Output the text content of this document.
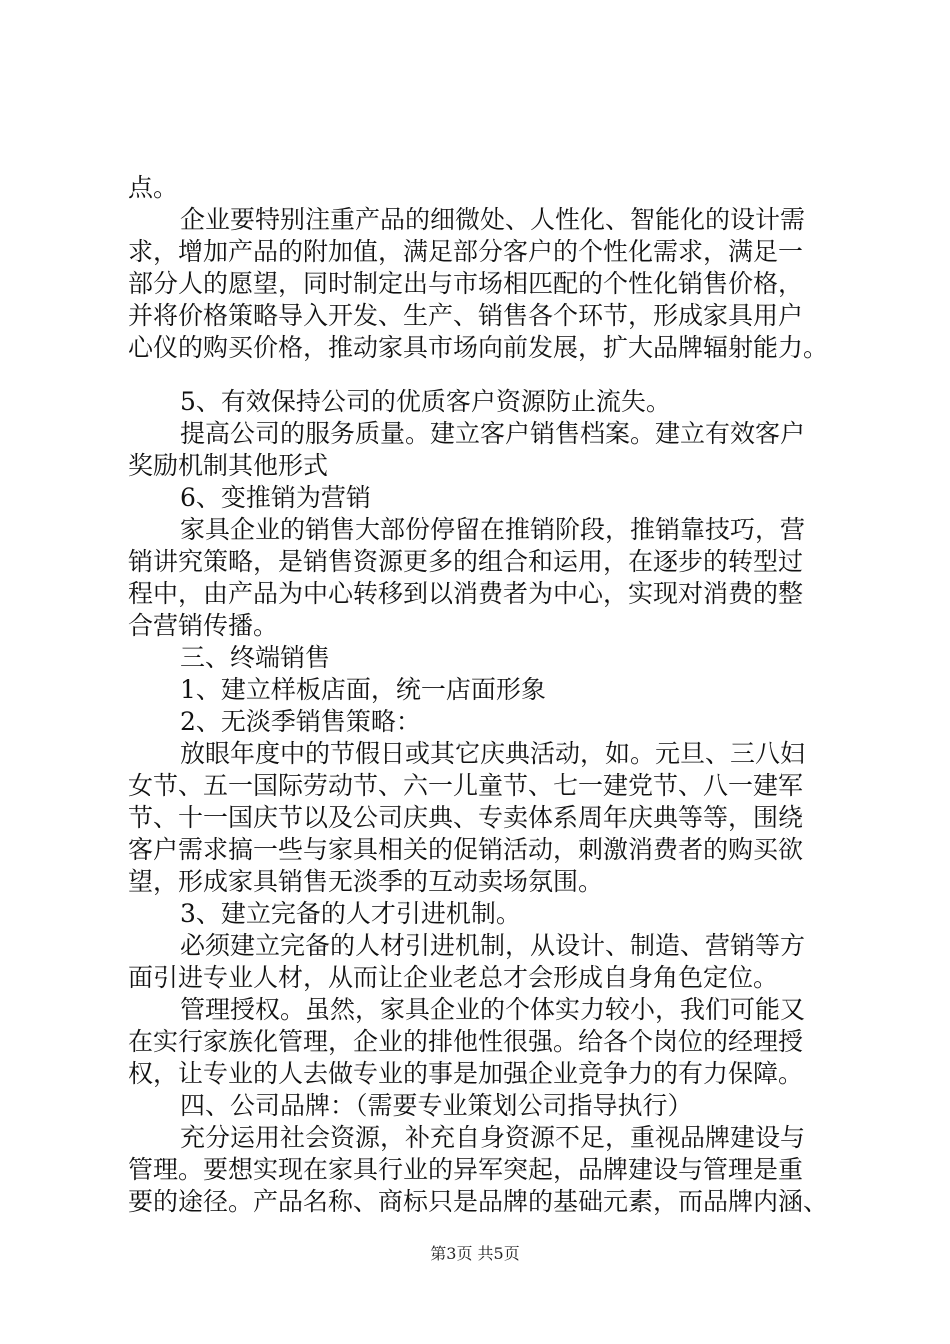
点。
企业要特别注重产品的细微处、人性化、智能化的设计需
求，增加产品的附加值，满足部分客户的个性化需求，满足一
部分人的愿望，同时制定出与市场相匹配的个性化销售价格，
并将价格策略导入开发、生产、销售各个环节，形成家具用户
心仪的购买价格，推动家具市场向前发展，扩大品牌辐射能力。
5、有效保持公司的优质客户资源防止流失。
提高公司的服务质量。建立客户销售档案。建立有效客户
奖励机制其他形式
6、变推销为营销
家具企业的销售大部份停留在推销阶段，推销靠技巧，营
销讲究策略，是销售资源更多的组合和运用，在逐步的转型过
程中，由产品为中心转移到以消费者为中心，实现对消费的整
合营销传播。
三、终端销售
1、建立样板店面，统一店面形象
2、无淡季销售策略：
放眼年度中的节假日或其它庆典活动，如。元旦、三八妇
女节、五一国际劳动节、六一儿童节、七一建党节、八一建军
节、十一国庆节以及公司庆典、专卖体系周年庆典等等，围绕
客户需求搞一些与家具相关的促销活动，刺激消费者的购买欲
望，形成家具销售无淡季的互动卖场氛围。
3、建立完备的人才引进机制。
必须建立完备的人材引进机制，从设计、制造、营销等方
面引进专业人材，从而让企业老总才会形成自身角色定位。
管理授权。虽然，家具企业的个体实力较小，我们可能又
在实行家族化管理，企业的排他性很强。给各个岗位的经理授
权，让专业的人去做专业的事是加强企业竞争力的有力保障。
四、公司品牌：（需要专业策划公司指导执行）
充分运用社会资源，补充自身资源不足，重视品牌建设与
管理。要想实现在家具行业的异军突起，品牌建设与管理是重
要的途径。产品名称、商标只是品牌的基础元素，而品牌内涵、
第3页 共5页
